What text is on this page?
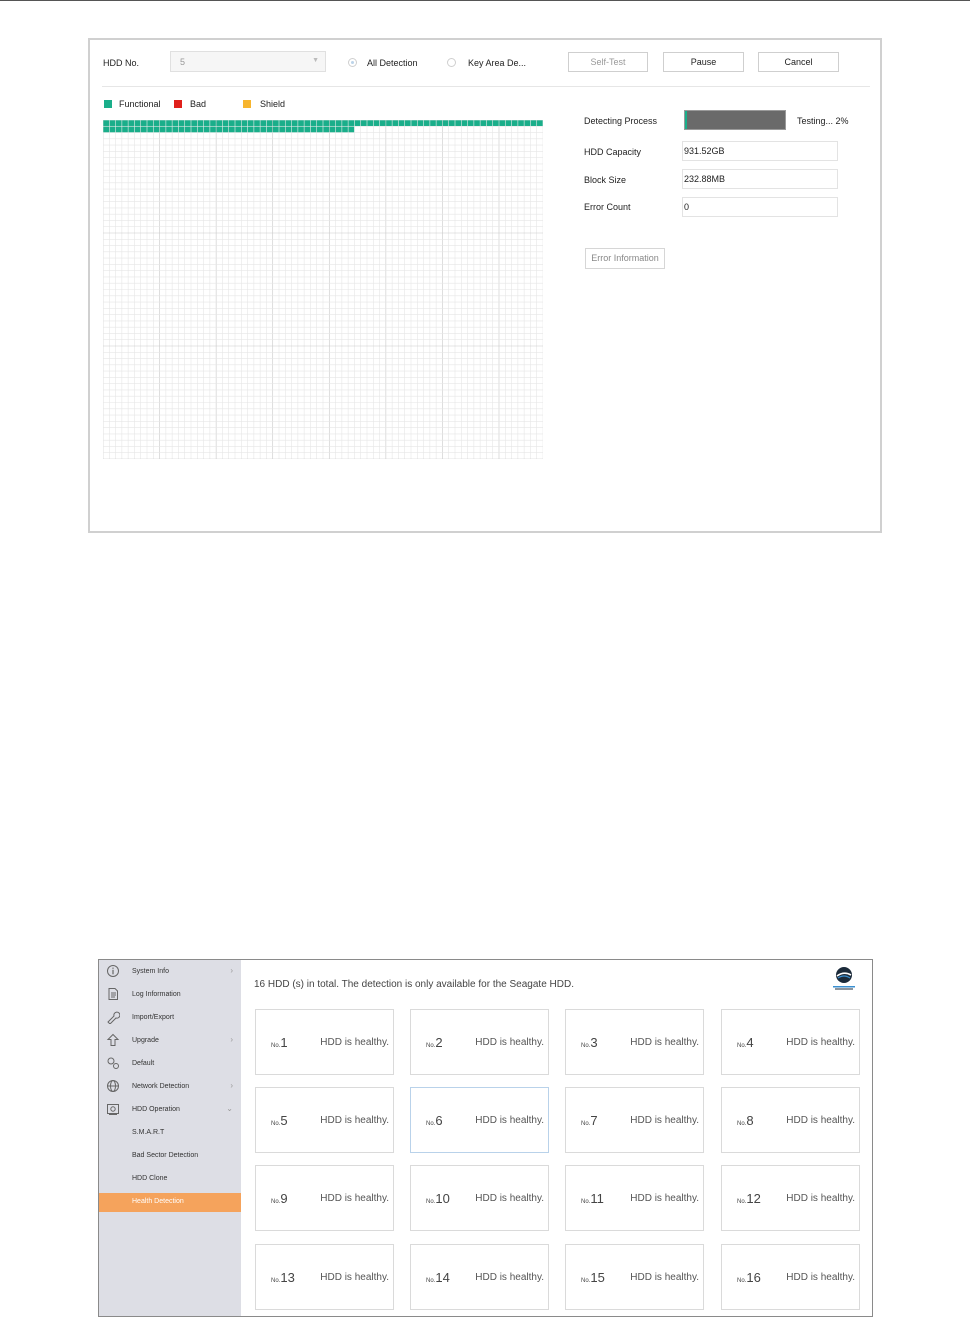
HDD No.	5	▼	All Detection	Key Area De...	Self-Test	Pause	Cancel
Functional	Bad	Shield
Detecting Process	Testing... 2%
HDD Capacity	931.52GB
Block Size	232.88MB
Error Count	0
Error Information
System Info	›
Log Information
Import/Export
Upgrade	›
Default
Network Detection	›
HDD Operation	⌄
S.M.A.R.T
Bad Sector Detection
HDD Clone
Health Detection
16 HDD (s) in total. The detection is only available for the Seagate HDD.
No.1	HDD is healthy.	No.2	HDD is healthy.	No.3	HDD is healthy.	No.4	HDD is healthy.
No.5	HDD is healthy.	No.6	HDD is healthy.	No.7	HDD is healthy.	No.8	HDD is healthy.
No.9	HDD is healthy.	No.10	HDD is healthy.	No.11	HDD is healthy.	No.12	HDD is healthy.
No.13	HDD is healthy.	No.14	HDD is healthy.	No.15	HDD is healthy.	No.16	HDD is healthy.
